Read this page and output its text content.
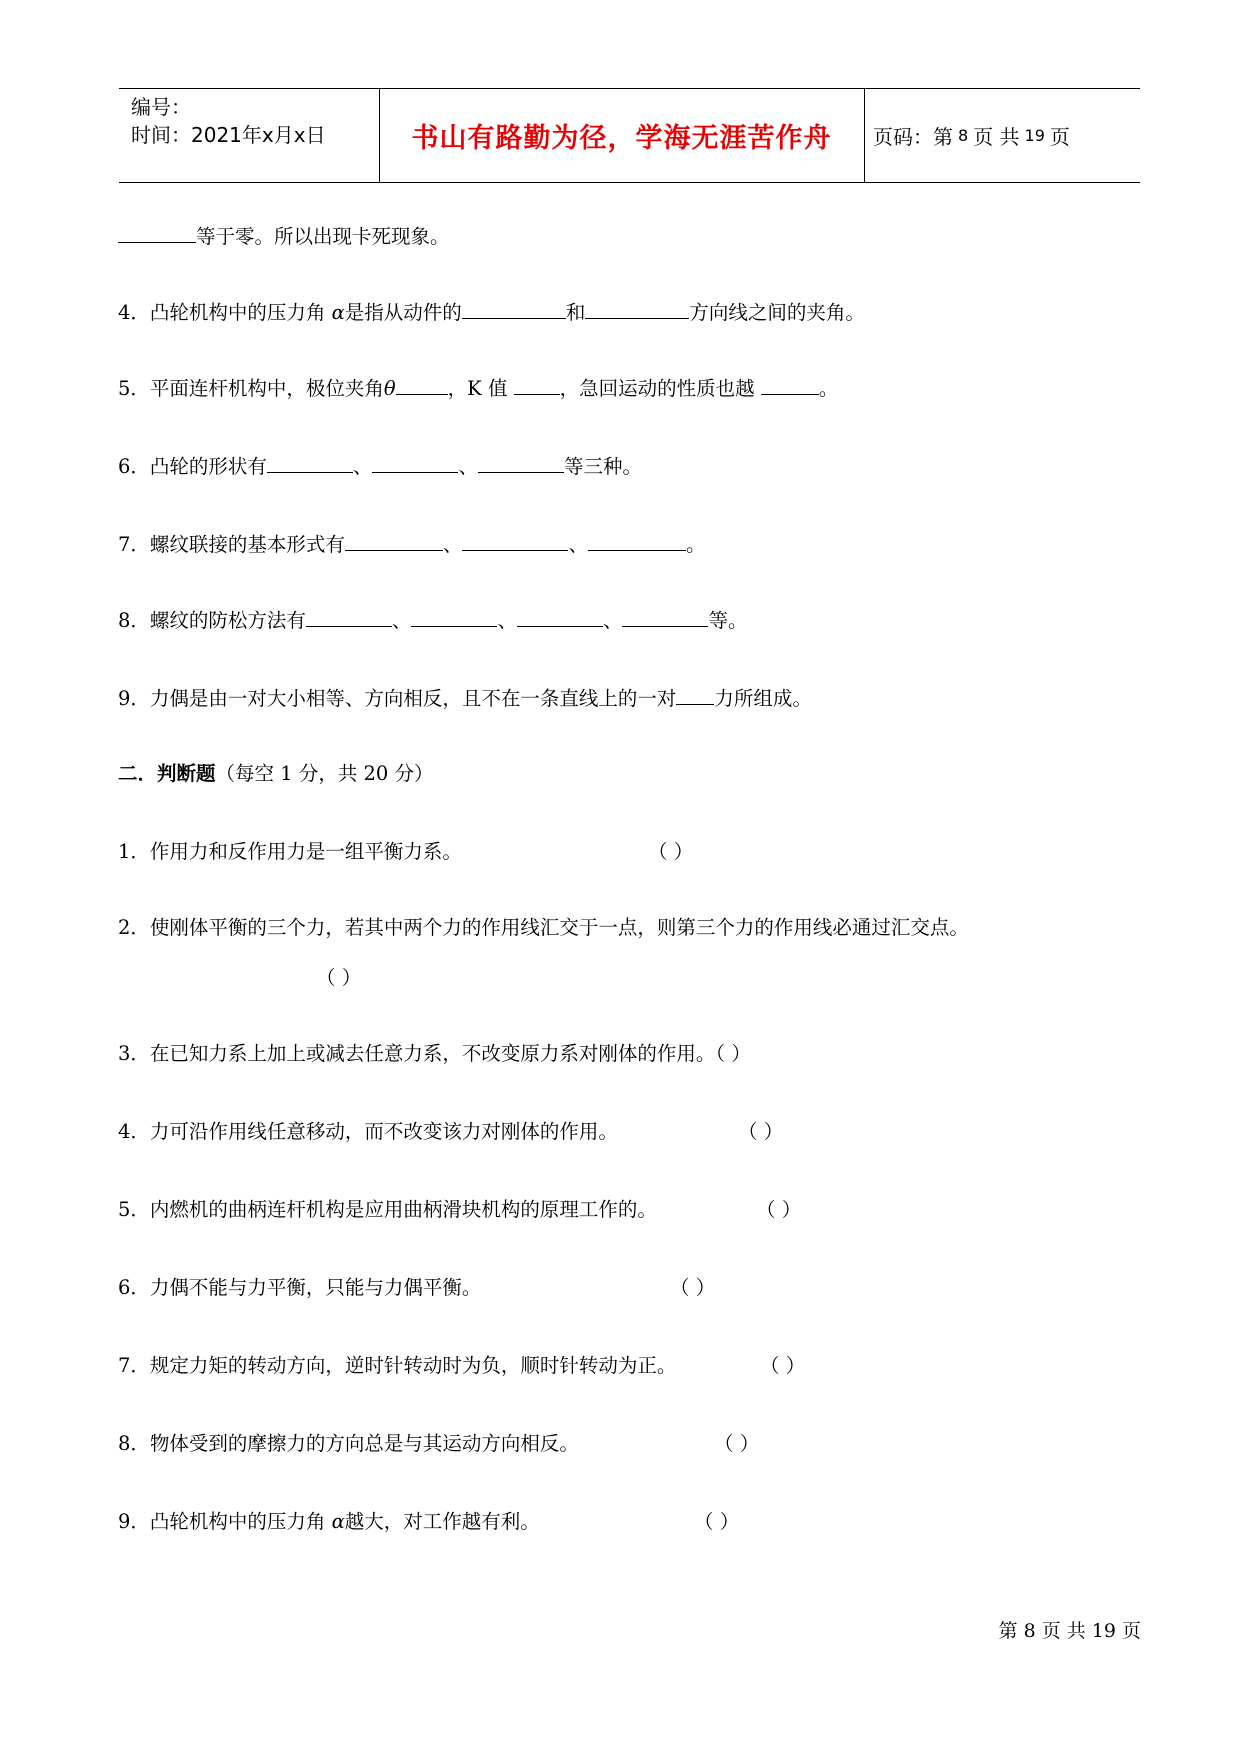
编号：
时间：2021年x月x日	书山有路勤为径，学海无涯苦作舟	页码：第 8 页 共 19 页
等于零。所以出现卡死现象。
4．凸轮机构中的压力角 α是指从动件的	和	方向线之间的夹角。
5．平面连杆机构中，极位夹角θ	，K 值	，急回运动的性质也越	。
6．凸轮的形状有	、	、	等三种。
7．螺纹联接的基本形式有	、	、	。
8．螺纹的防松方法有	、	、	、	等。
9．力偶是由一对大小相等、方向相反，且不在一条直线上的一对 力所组成。
二．判断题（每空 1 分，共 20 分）
1．作用力和反作用力是一组平衡力系。	（ ）
2．使刚体平衡的三个力，若其中两个力的作用线汇交于一点，则第三个力的作用线必通过汇交点。
（ ）
3．在已知力系上加上或减去任意力系，不改变原力系对刚体的作用。（ ）
4．力可沿作用线任意移动，而不改变该力对刚体的作用。	（ ）
5．内燃机的曲柄连杆机构是应用曲柄滑块机构的原理工作的。	（ ）
6．力偶不能与力平衡，只能与力偶平衡。	（ ）
7．规定力矩的转动方向，逆时针转动时为负，顺时针转动为正。	（ ）
8．物体受到的摩擦力的方向总是与其运动方向相反。	（ ）
9．凸轮机构中的压力角 α越大，对工作越有利。	（ ）
第 8 页 共 19 页
